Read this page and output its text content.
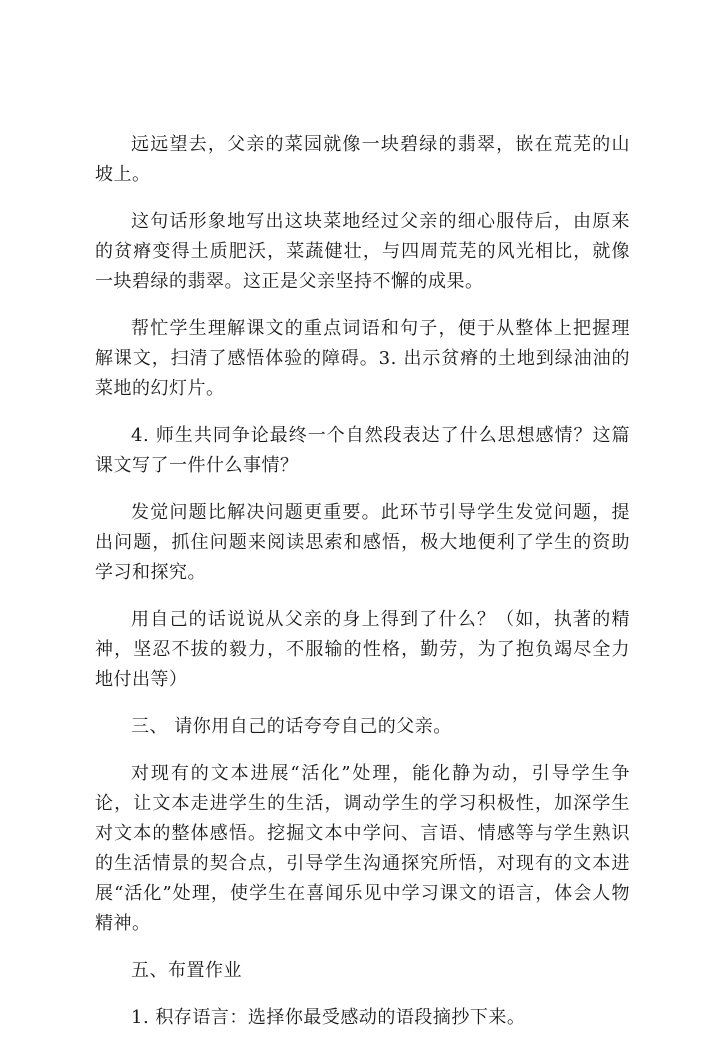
远远望去，父亲的菜园就像一块碧绿的翡翠，嵌在荒芜的山坡上。

这句话形象地写出这块菜地经过父亲的细心服侍后，由原来的贫瘠变得土质肥沃，菜蔬健壮，与四周荒芜的风光相比，就像一块碧绿的翡翠。这正是父亲坚持不懈的成果。

帮忙学生理解课文的重点词语和句子，便于从整体上把握理解课文，扫清了感悟体验的障碍。3. 出示贫瘠的土地到绿油油的菜地的幻灯片。

4. 师生共同争论最终一个自然段表达了什么思想感情？这篇课文写了一件什么事情？

发觉问题比解决问题更重要。此环节引导学生发觉问题，提出问题，抓住问题来阅读思索和感悟，极大地便利了学生的资助学习和探究。

用自己的话说说从父亲的身上得到了什么？（如，执著的精神，坚忍不拔的毅力，不服输的性格，勤劳，为了抱负竭尽全力地付出等）

三、 请你用自己的话夸夸自己的父亲。

对现有的文本进展“活化”处理，能化静为动，引导学生争论，让文本走进学生的生活，调动学生的学习积极性，加深学生对文本的整体感悟。挖掘文本中学问、言语、情感等与学生熟识的生活情景的契合点，引导学生沟通探究所悟，对现有的文本进展“活化”处理，使学生在喜闻乐见中学习课文的语言，体会人物精神。

五、布置作业

1. 积存语言：选择你最受感动的语段摘抄下来。
